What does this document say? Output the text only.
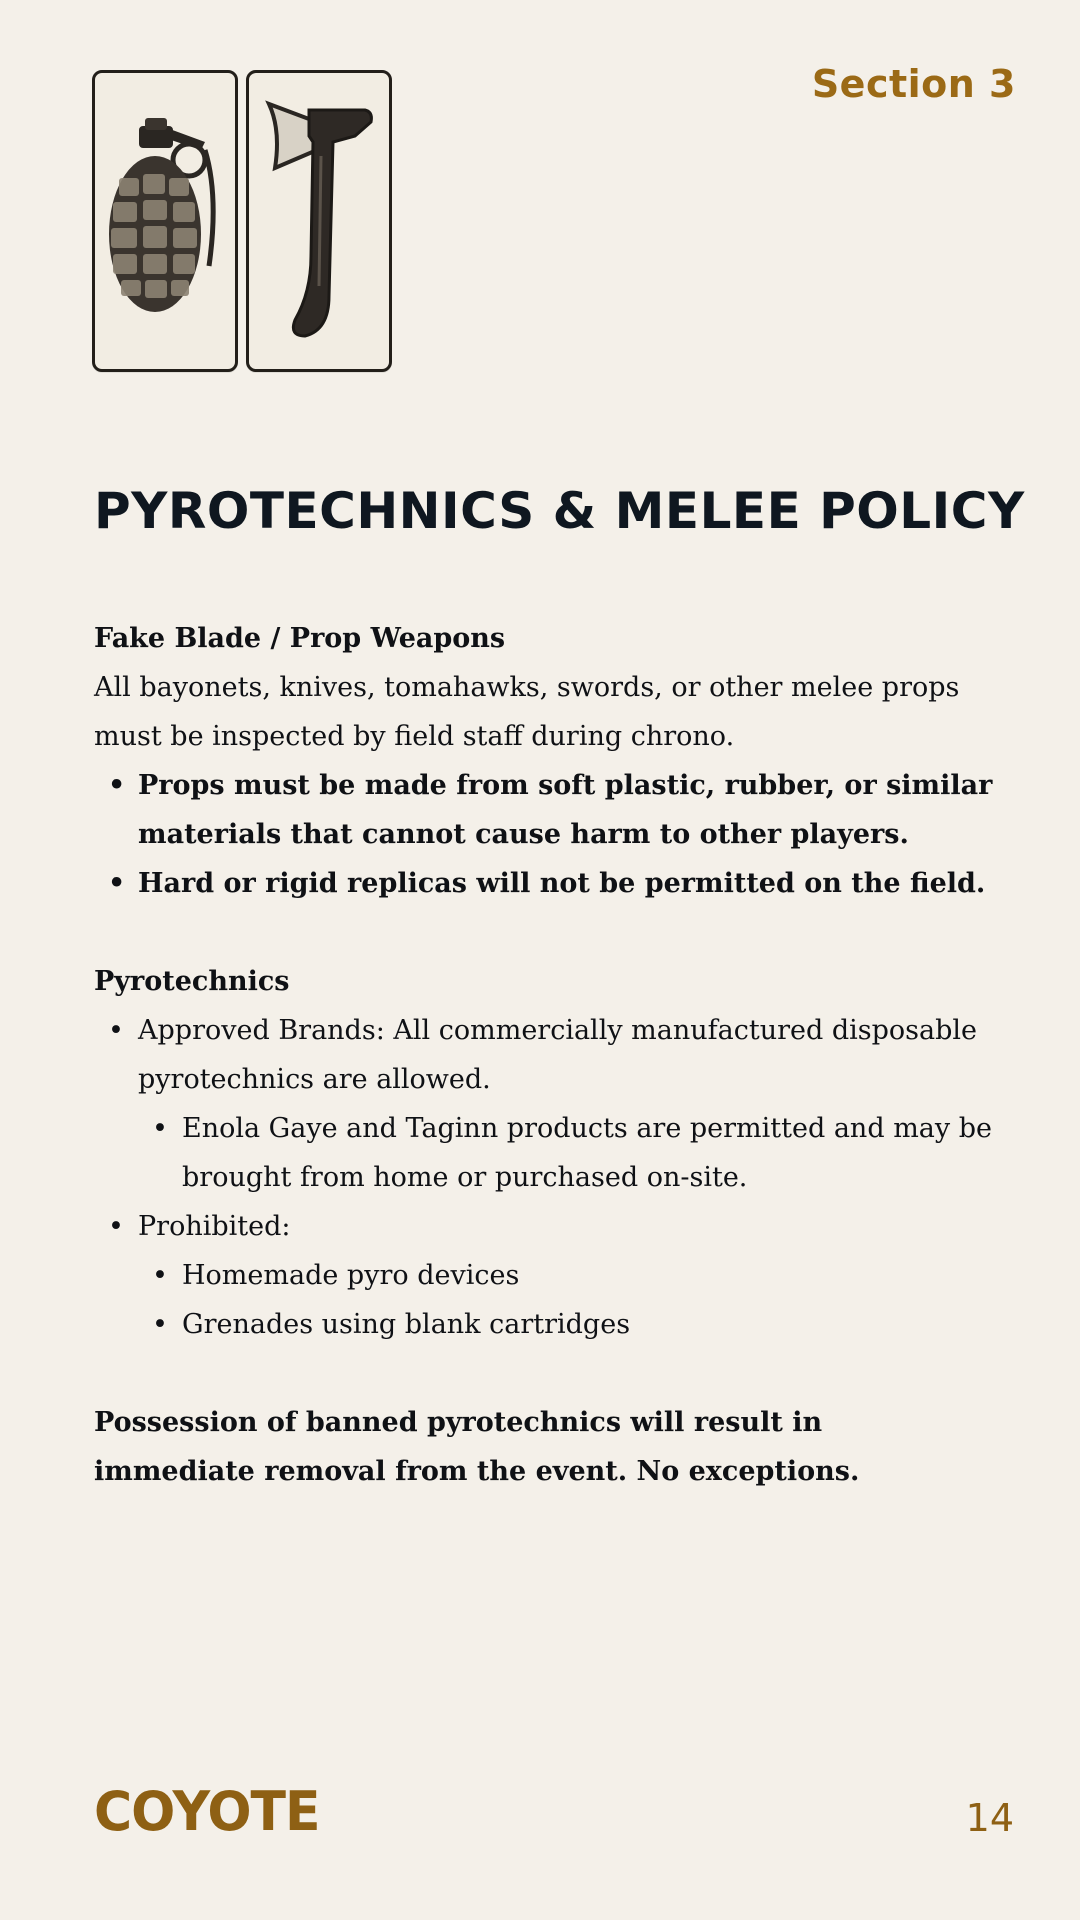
Section 3
PYROTECHNICS & MELEE POLICY
Fake Blade / Prop Weapons
All bayonets, knives, tomahawks, swords, or other melee props must be inspected by field staff during chrono.
• Props must be made from soft plastic, rubber, or similar materials that cannot cause harm to other players.
• Hard or rigid replicas will not be permitted on the field.
Pyrotechnics
• Approved Brands: All commercially manufactured disposable pyrotechnics are allowed.
• Enola Gaye and Taginn products are permitted and may be brought from home or purchased on-site.
• Prohibited:
• Homemade pyro devices
• Grenades using blank cartridges
Possession of banned pyrotechnics will result in immediate removal from the event. No exceptions.
COYOTE	14
